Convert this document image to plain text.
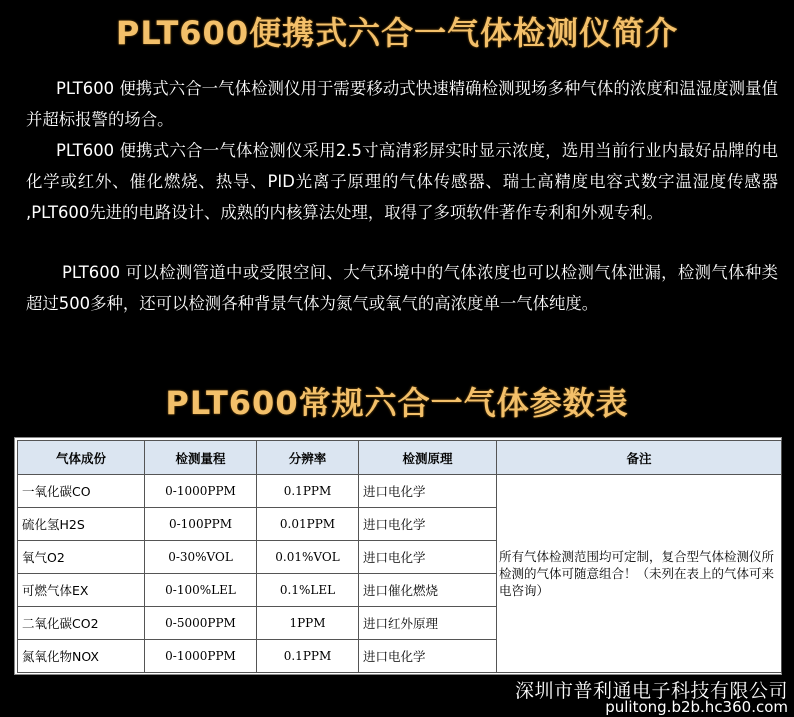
PLT600便携式六合一气体检测仪简介

PLT600 便携式六合一气体检测仪用于需要移动式快速精确检测现场多种气体的浓度和温湿度测量值并超标报警的场合。

PLT600 便携式六合一气体检测仪采用2.5寸高清彩屏实时显示浓度，选用当前行业内最好品牌的电化学或红外、催化燃烧、热导、PID光离子原理的气体传感器、瑞士高精度电容式数字温湿度传感器 ,PLT600先进的电路设计、成熟的内核算法处理，取得了多项软件著作专利和外观专利。

PLT600 可以检测管道中或受限空间、大气环境中的气体浓度也可以检测气体泄漏，检测气体种类超过500多种，还可以检测各种背景气体为氮气或氧气的高浓度单一气体纯度。

PLT600常规六合一气体参数表
气体成份	检测量程	分辨率	检测原理	备注
一氧化碳CO	0-1000PPM	0.1PPM	进口电化学	所有气体检测范围均可定制，复合型气体检测仪所检测的气体可随意组合！（未列在表上的气体可来电咨询）
硫化氢H2S	0-100PPM	0.01PPM	进口电化学	
氧气O2	0-30%VOL	0.01%VOL	进口电化学	
可燃气体EX	0-100%LEL	0.1%LEL	进口催化燃烧	
二氧化碳CO2	0-5000PPM	1PPM	进口红外原理	
氮氧化物NOX	0-1000PPM	0.1PPM	进口电化学	
深圳市普利通电子科技有限公司
pulitong.b2b.hc360.com
